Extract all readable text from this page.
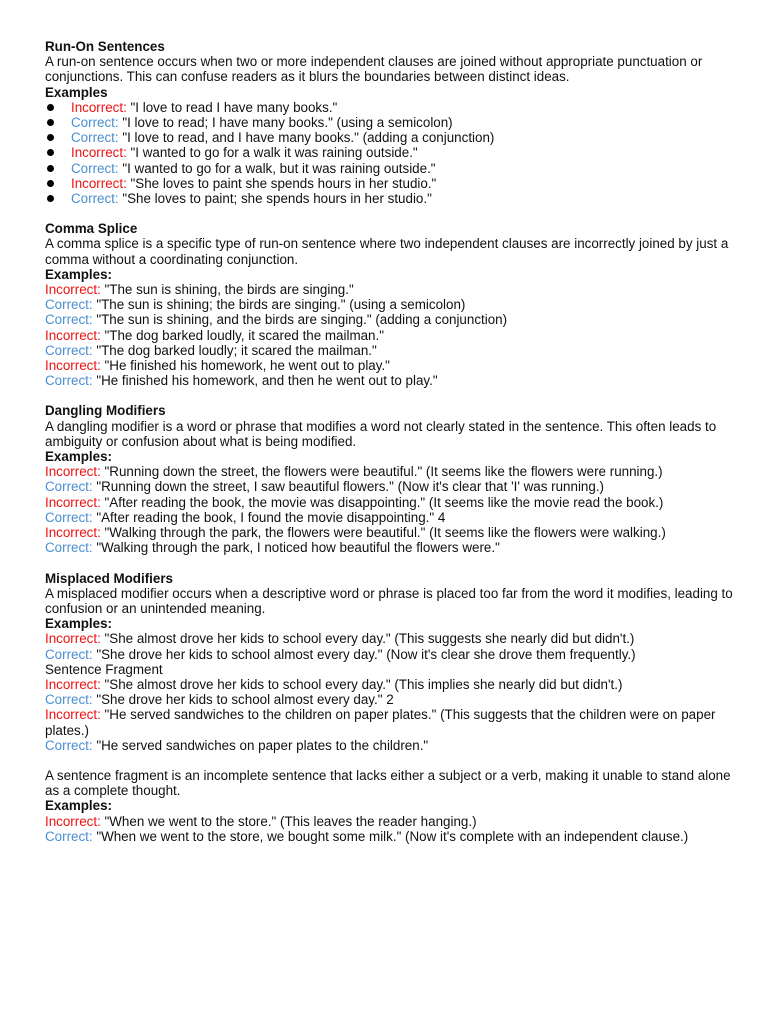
Run-On Sentences

A run-on sentence occurs when two or more independent clauses are joined without appropriate punctuation or conjunctions. This can confuse readers as it blurs the boundaries between distinct ideas.

Examples
Incorrect: "I love to read I have many books."
Correct: "I love to read; I have many books." (using a semicolon)
Correct: "I love to read, and I have many books." (adding a conjunction)
Incorrect: "I wanted to go for a walk it was raining outside."
Correct: "I wanted to go for a walk, but it was raining outside."
Incorrect: "She loves to paint she spends hours in her studio."
Correct: "She loves to paint; she spends hours in her studio."
Comma Splice

A comma splice is a specific type of run-on sentence where two independent clauses are incorrectly joined by just a comma without a coordinating conjunction.

Examples:
Incorrect: "The sun is shining, the birds are singing."
Correct: "The sun is shining; the birds are singing." (using a semicolon)
Correct: "The sun is shining, and the birds are singing." (adding a conjunction)
Incorrect: "The dog barked loudly, it scared the mailman."
Correct: "The dog barked loudly; it scared the mailman."
Incorrect: "He finished his homework, he went out to play."
Correct: "He finished his homework, and then he went out to play."
Dangling Modifiers

A dangling modifier is a word or phrase that modifies a word not clearly stated in the sentence. This often leads to ambiguity or confusion about what is being modified.

Examples:
Incorrect: "Running down the street, the flowers were beautiful." (It seems like the flowers were running.)
Correct: "Running down the street, I saw beautiful flowers." (Now it's clear that 'I' was running.)
Incorrect: "After reading the book, the movie was disappointing." (It seems like the movie read the book.)
Correct: "After reading the book, I found the movie disappointing." 4
Incorrect: "Walking through the park, the flowers were beautiful." (It seems like the flowers were walking.)
Correct: "Walking through the park, I noticed how beautiful the flowers were."
Misplaced Modifiers

A misplaced modifier occurs when a descriptive word or phrase is placed too far from the word it modifies, leading to confusion or an unintended meaning.

Examples:
Incorrect: "She almost drove her kids to school every day." (This suggests she nearly did but didn't.)
Correct: "She drove her kids to school almost every day." (Now it's clear she drove them frequently.)
Sentence Fragment
Incorrect: "She almost drove her kids to school every day." (This implies she nearly did but didn't.)
Correct: "She drove her kids to school almost every day." 2
Incorrect: "He served sandwiches to the children on paper plates." (This suggests that the children were on paper plates.)
Correct: "He served sandwiches on paper plates to the children."

A sentence fragment is an incomplete sentence that lacks either a subject or a verb, making it unable to stand alone as a complete thought.

Examples:
Incorrect: "When we went to the store." (This leaves the reader hanging.)
Correct: "When we went to the store, we bought some milk." (Now it's complete with an independent clause.)
